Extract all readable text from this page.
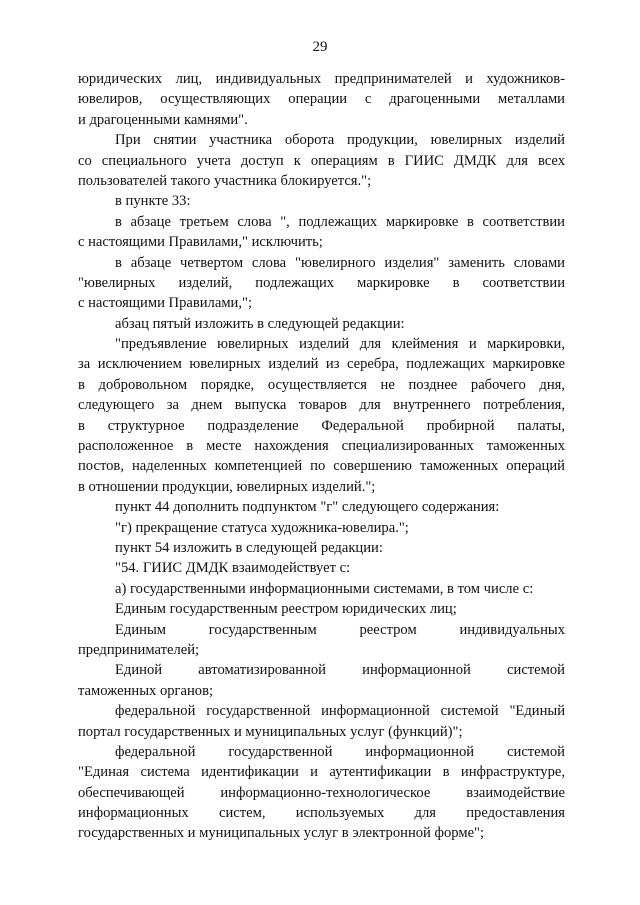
29
юридических лиц, индивидуальных предпринимателей и художников-
ювелиров, осуществляющих операции с драгоценными металлами
и драгоценными камнями".
При снятии участника оборота продукции, ювелирных изделий
со специального учета доступ к операциям в ГИИС ДМДК для всех
пользователей такого участника блокируется.";
в пункте 33:
в абзаце третьем слова ", подлежащих маркировке в соответствии
с настоящими Правилами," исключить;
в абзаце четвертом слова "ювелирного изделия" заменить словами
"ювелирных изделий, подлежащих маркировке в соответствии
с настоящими Правилами,";
абзац пятый изложить в следующей редакции:
"предъявление ювелирных изделий для клеймения и маркировки,
за исключением ювелирных изделий из серебра, подлежащих маркировке
в добровольном порядке, осуществляется не позднее рабочего дня,
следующего за днем выпуска товаров для внутреннего потребления,
в структурное подразделение Федеральной пробирной палаты,
расположенное в месте нахождения специализированных таможенных
постов, наделенных компетенцией по совершению таможенных операций
в отношении продукции, ювелирных изделий.";
пункт 44 дополнить подпунктом "г" следующего содержания:
"г) прекращение статуса художника-ювелира.";
пункт 54 изложить в следующей редакции:
"54. ГИИС ДМДК взаимодействует с:
а) государственными информационными системами, в том числе с:
Единым государственным реестром юридических лиц;
Единым государственным реестром индивидуальных
предпринимателей;
Единой автоматизированной информационной системой
таможенных органов;
федеральной государственной информационной системой "Единый
портал государственных и муниципальных услуг (функций)";
федеральной государственной информационной системой
"Единая система идентификации и аутентификации в инфраструктуре,
обеспечивающей информационно-технологическое взаимодействие
информационных систем, используемых для предоставления
государственных и муниципальных услуг в электронной форме";
